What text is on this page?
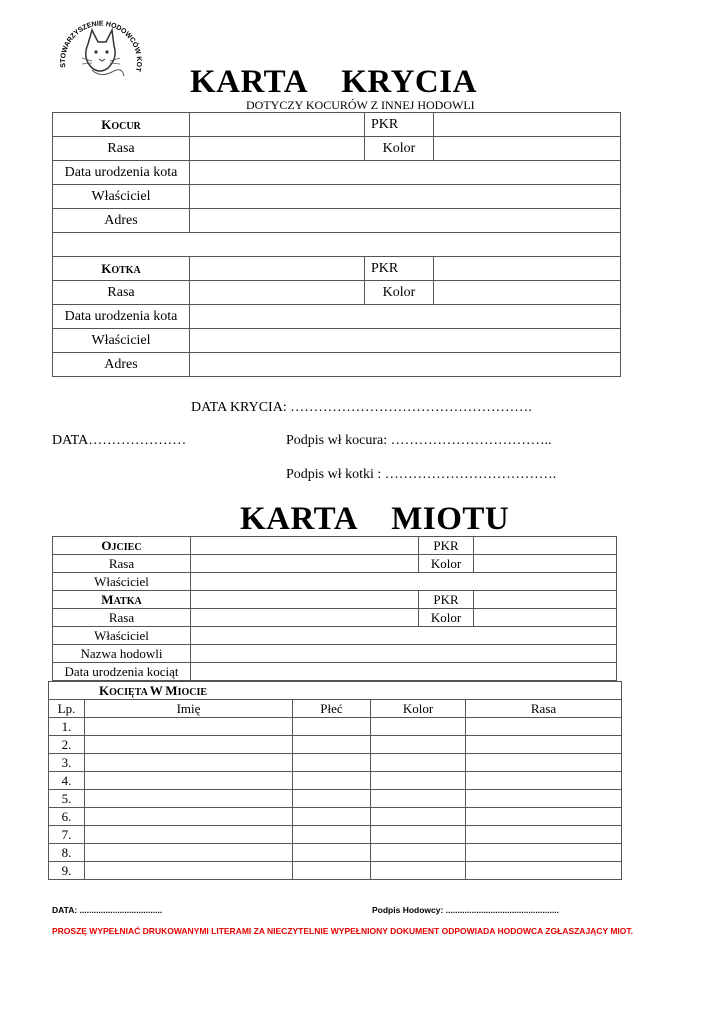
STOWARZYSZENIE HODOWCÓW KOT KARTA    KRYCIA
DOTYCZY KOCURÓW Z INNEJ HODOWLI
KOCUR		PKR	
Rasa		Kolor	
Data urodzenia kota			
Właściciel			
Adres			

KOTKA		PKR	
Rasa		Kolor	
Data urodzenia kota			
Właściciel			
Adres			
DATA KRYCIA: …………………………………………….
DATA…………………	Podpis wł kocura: ……………………………..
Podpis wł kotki : ……………………………….
KARTA    MIOTU
OJCIEC		PKR	
Rasa		Kolor	
Właściciel			
MATKA		PKR	
Rasa		Kolor	
Właściciel			
Nazwa hodowli			
Data urodzenia kociąt			
KOCIĘTA W MIOCIE				
Lp.	Imię	Płeć	Kolor	Rasa
1.				
2.				
3.				
4.				
5.				
6.				
7.				
8.				
9.				
DATA: ...................................	Podpis Hodowcy: ................................................
PROSZĘ WYPEŁNIAĆ DRUKOWANYMI LITERAMI ZA NIECZYTELNIE WYPEŁNIONY DOKUMENT ODPOWIADA HODOWCA ZGŁASZAJĄCY MIOT.
